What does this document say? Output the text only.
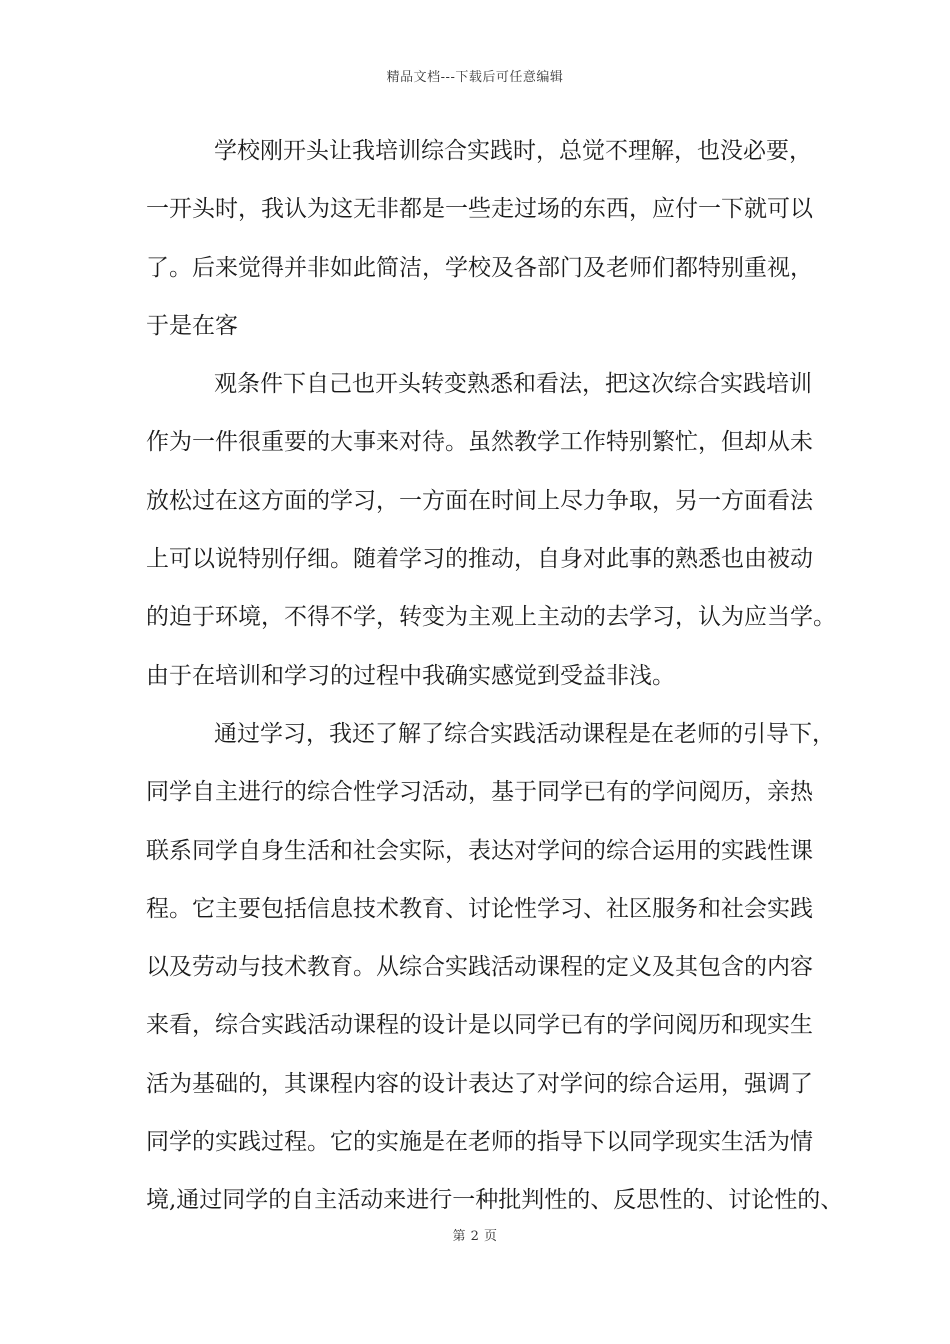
精品文档---下载后可任意编辑
学校刚开头让我培训综合实践时，总觉不理解，也没必要，
一开头时，我认为这无非都是一些走过场的东西，应付一下就可以
了。后来觉得并非如此简洁，学校及各部门及老师们都特别重视，
于是在客
观条件下自己也开头转变熟悉和看法，把这次综合实践培训
作为一件很重要的大事来对待。虽然教学工作特别繁忙，但却从未
放松过在这方面的学习，一方面在时间上尽力争取，另一方面看法
上可以说特别仔细。随着学习的推动，自身对此事的熟悉也由被动
的迫于环境，不得不学，转变为主观上主动的去学习，认为应当学。
由于在培训和学习的过程中我确实感觉到受益非浅。
通过学习，我还了解了综合实践活动课程是在老师的引导下，
同学自主进行的综合性学习活动，基于同学已有的学问阅历，亲热
联系同学自身生活和社会实际，表达对学问的综合运用的实践性课
程。它主要包括信息技术教育、讨论性学习、社区服务和社会实践
以及劳动与技术教育。从综合实践活动课程的定义及其包含的内容
来看，综合实践活动课程的设计是以同学已有的学问阅历和现实生
活为基础的，其课程内容的设计表达了对学问的综合运用，强调了
同学的实践过程。它的实施是在老师的指导下以同学现实生活为情
境,通过同学的自主活动来进行一种批判性的、反思性的、讨论性的、
第 2 页
